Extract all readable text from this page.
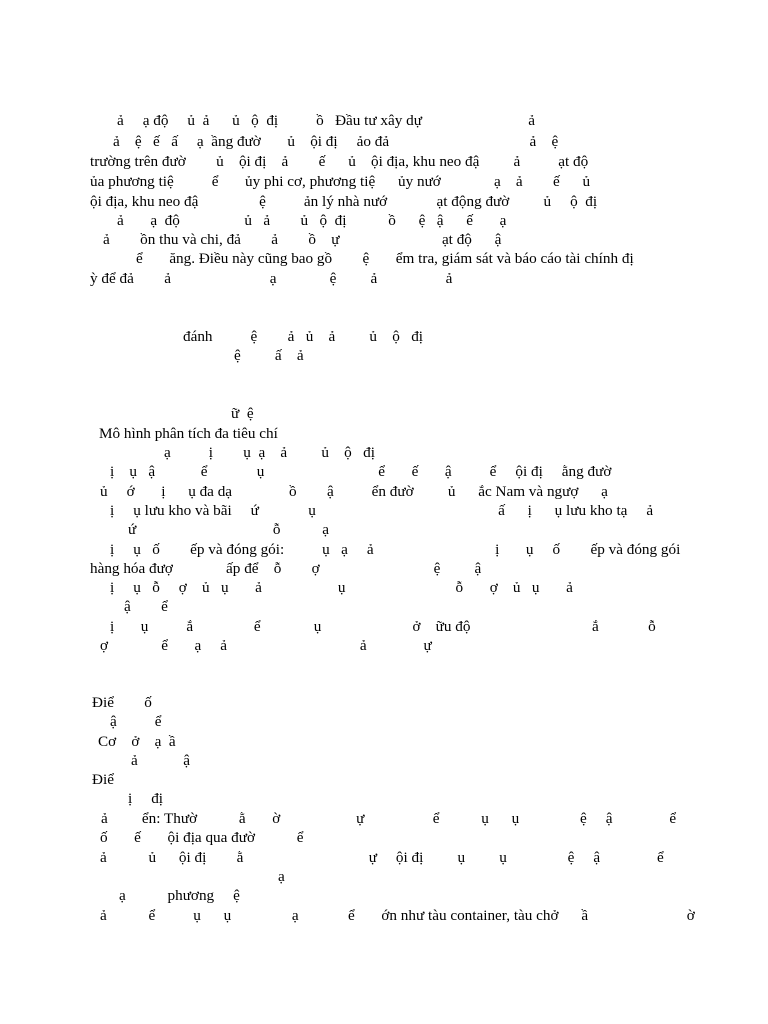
ả     ạ độ     ủ  ả      ủ   ộ  đị          ồ   Đầu tư xây dự                            ả
ả    ệ   ế   ấ     ạ  ầng đườ       ủ    ội đị     ảo đả                                     ả    ệ
trường trên đườ        ủ    ội đị    ả        ế      ủ    ội địa, khu neo đậ         ả          ạt độ
ủa phương tiệ          ể       ủy phi cơ, phương tiệ      ủy nướ              ạ    ả        ế      ủ
ội địa, khu neo đậ                ệ          ản lý nhà nướ             ạt động đườ         ủ     ộ  đị
ả       ạ  độ                 ủ   ả        ủ   ộ  đị           ồ      ệ   ậ      ế       ạ
ả        ồn thu và chi, đả        ả        ồ    ự                           ạt độ      ậ
ể       ăng. Điều này cũng bao gồ        ệ       ểm tra, giám sát và báo cáo tài chính đị
ỳ để đả        ả                          ạ              ệ         ả                  ả
đánh          ệ        ả   ủ    ả         ủ    ộ   đị
ệ         ấ    ả
ữ  ệ
Mô hình phân tích đa tiêu chí
ạ          ị        ụ  ạ    ả         ủ    ộ   đị
ị    ụ   ậ            ể             ụ                              ể       ế       ậ          ể     ội đị     ằng đườ
ủ     ớ       ị      ụ đa dạ               ồ        ậ          ển đườ         ủ      ắc Nam và ngượ      ạ
ị     ụ lưu kho và bãi     ứ             ụ                                                ấ      ị      ụ lưu kho tạ     ả
ứ                                    ỗ           ạ
ị     ụ   ố        ếp và đóng gói:          ụ   ạ     ả                                ị       ụ     ố        ếp và đóng gói
hàng hóa đượ              ấp để    ỗ        ợ                              ệ         ậ
ị     ụ   ỗ     ợ    ủ   ụ       ả                    ụ                             ỗ       ợ    ủ   ụ       ả
ậ        ể
ị       ụ          ắ                ể              ụ                        ở    ữu độ                                ắ             ỗ
ợ              ể       ạ     ả                                   ả               ự
Điể        ố
ậ          ể
Cơ    ở    ạ  ầ
ả            ậ
Điể
ị     đị
ả         ển: Thườ           ằ       ờ                    ự                  ể           ụ      ụ                ệ     ậ               ể
ố       ế       ội địa qua đườ           ể
ả           ủ      ội đị        ằ                                 ự     ội đị         ụ         ụ                ệ     ậ               ể
ạ
ạ           phương     ệ
ả           ể          ụ      ụ                ạ             ể       ớn như tàu container, tàu chở      ầ                          ờ
